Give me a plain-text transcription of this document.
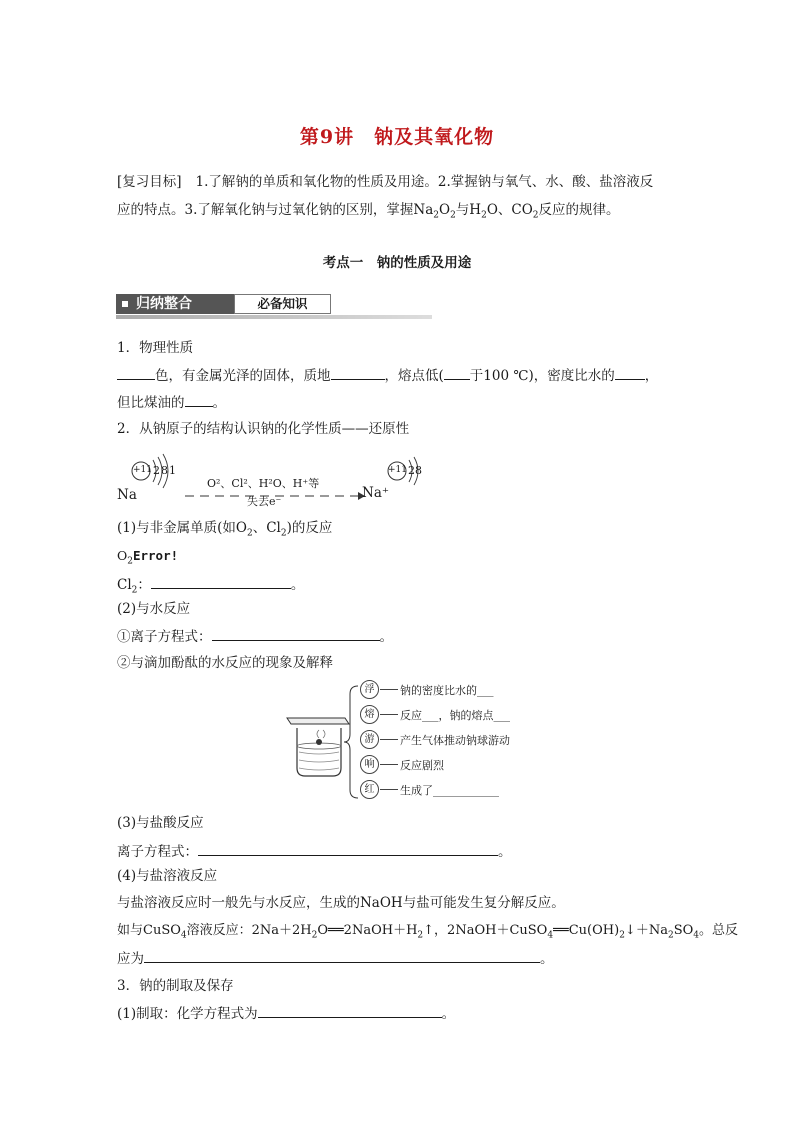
第9讲　钠及其氧化物
[复习目标] 1.了解钠的单质和氧化物的性质及用途。2.掌握钠与氧气、水、酸、盐溶液反
应的特点。3.了解氧化钠与过氧化钠的区别，掌握$Na_2O_2$与$H_2O$、$CO_2$反应的规律。
考点一　钠的性质及用途
归纳整合	必备知识
1．物理性质
色，有金属光泽的固体，质地	，熔点低( 于100 ℃)，密度比水的 ，
但比煤油的 。
2．从钠原子的结构认识钠的化学性质——还原性
+11 281
Na
O²、Cl²、H²O、H⁺等
失去e⁻
Na⁺
+11 28
(1)与非金属单质(如$O_2$、$Cl_2$)的反应
$O_2Error$!
$Cl_2$：	。
(2)与水反应
①离子方程式：	。
②与滴加酚酞的水反应的现象及解释
浮	钠的密度比水的___
熔	反应___，钠的熔点___
游	产生气体推动钠球游动
响	反应剧烈
红	生成了____________
(3)与盐酸反应
离子方程式：	。
(4)与盐溶液反应
与盐溶液反应时一般先与水反应，生成的NaOH与盐可能发生复分解反应。
如与CuSO$_4$溶液反应：$2Na+2H_2O══2NaOH+H_2↑$，$2NaOH+CuSO_4══Cu(OH)_2↓+Na_2SO_4$。总反
应为	。
3．钠的制取及保存
(1)制取：化学方程式为	。
